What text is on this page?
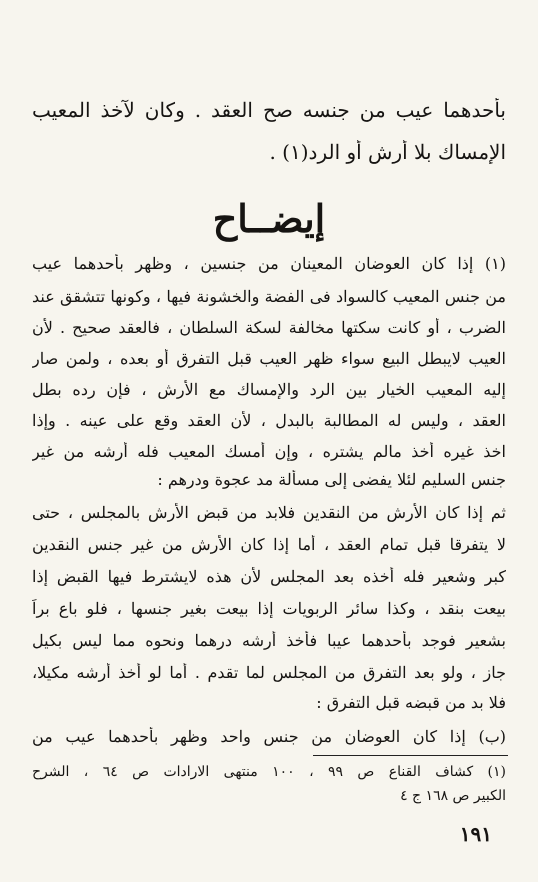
بأحدهما عيب من جنسه صح العقد . وكان لآخذ المعيب
الإمساك بلا أرش أو الرد(١) .
إيضــاح
(١) إذا كان العوضان المعينان من جنسين ، وظهر بأحدهما عيب
من جنس المعيب كالسواد فى الفضة والخشونة فيها ، وكونها تتشقق عند
الضرب ، أو كانت سكتها مخالفة لسكة السلطان ، فالعقد صحيح . لأن
العيب لايبطل البيع سواء ظهر العيب قبل التفرق أو بعده ، ولمن صار
إليه المعيب الخيار بين الرد والإمساك مع الأرش ، فإن رده بطل
العقد ، وليس له المطالبة بالبدل ، لأن العقد وقع على عينه . وإذا
اخذ غيره أخذ مالم يشتره ، وإن أمسك المعيب فله أرشه من غير
جنس السليم لئلا يفضى إلى مسألة مد عجوة ودرهم :
ثم إذا كان الأرش من النقدين فلابد من قبض الأرش بالمجلس ، حتى
لا يتفرقا قبل تمام العقد ، أما إذا كان الأرش من غير جنس النقدين
كبر وشعير فله أخذه بعد المجلس لأن هذه لايشترط فيها القبض إذا
بيعت بنقد ، وكذا سائر الربويات إذا بيعت بغير جنسها ، فلو باع براً
بشعير فوجد بأحدهما عيبا فأخذ أرشه درهما ونحوه مما ليس بكيل
جاز ، ولو بعد التفرق من المجلس لما تقدم . أما لو أخذ أرشه مكيلا،
فلا بد من قبضه قبل التفرق :
(ب) إذا كان العوضان من جنس واحد وظهر بأحدهما عيب من
(١) كشاف القناع ص ٩٩ ، ١٠٠ منتهى الارادات ص ٦٤ ، الشرح
الكبير ص ١٦٨ ج ٤
١٩١
